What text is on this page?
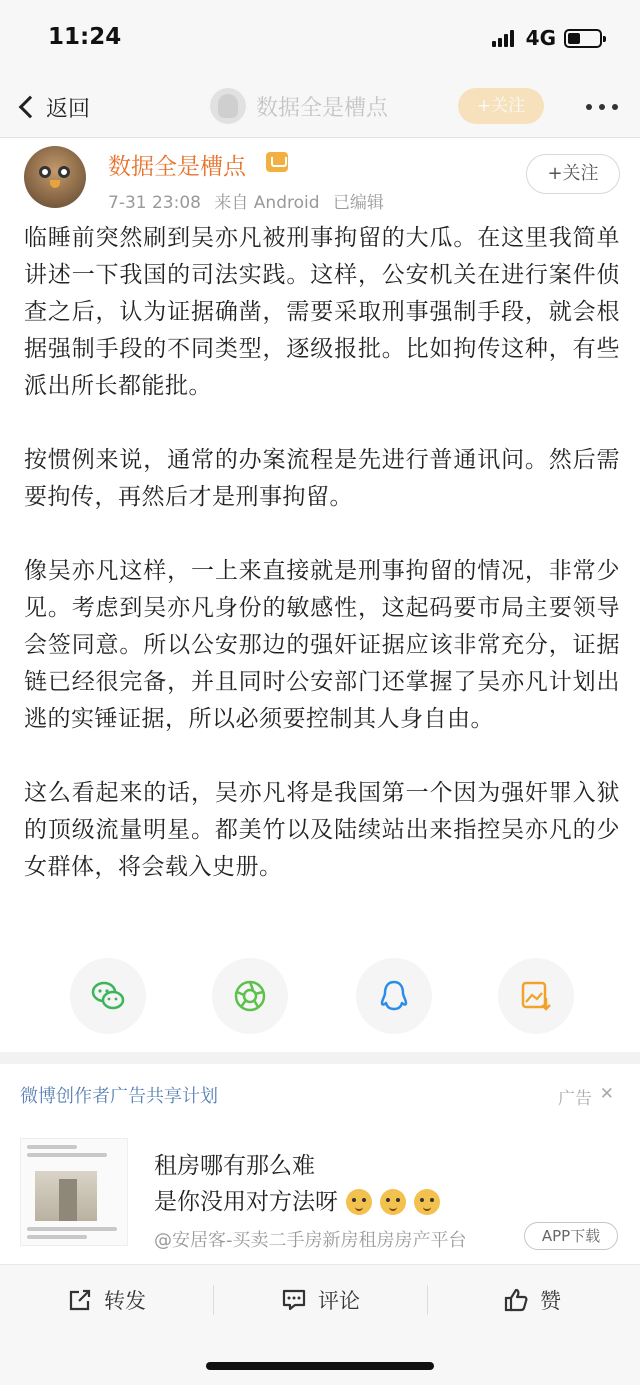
11:24	4G
返回	数据全是槽点	+关注
数据全是槽点
7-31 23:08 来自 Android 已编辑
+关注

临睡前突然刷到吴亦凡被刑事拘留的大瓜。在这里我简单讲述一下我国的司法实践。这样，公安机关在进行案件侦查之后，认为证据确凿，需要采取刑事强制手段，就会根据强制手段的不同类型，逐级报批。比如拘传这种，有些派出所长都能批。

按惯例来说，通常的办案流程是先进行普通讯问。然后需要拘传，再然后才是刑事拘留。

像吴亦凡这样，一上来直接就是刑事拘留的情况，非常少见。考虑到吴亦凡身份的敏感性，这起码要市局主要领导会签同意。所以公安那边的强奸证据应该非常充分，证据链已经很完备，并且同时公安部门还掌握了吴亦凡计划出逃的实锤证据，所以必须要控制其人身自由。

这么看起来的话，吴亦凡将是我国第一个因为强奸罪入狱的顶级流量明星。都美竹以及陆续站出来指控吴亦凡的少女群体，将会载入史册。

微博创作者广告共享计划	广告 ✕
租房哪有那么难
是你没用对方法呀
@安居客-买卖二手房新房租房房产平台	APP下载
转发	评论	赞
